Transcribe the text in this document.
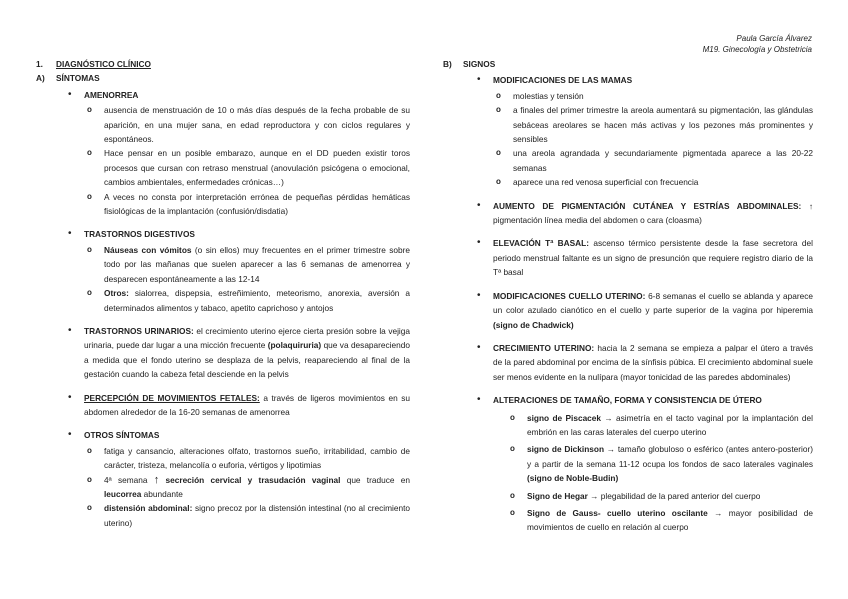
Paula García Álvarez
M19. Ginecología y Obstetricia
1. DIAGNÓSTICO CLÍNICO
A) SÍNTOMAS
• AMENORREA
o ausencia de menstruación de 10 o más días después de la fecha probable de su aparición, en una mujer sana, en edad reproductora y con ciclos regulares y espontáneos.
o Hace pensar en un posible embarazo, aunque en el DD pueden existir toros procesos que cursan con retraso menstrual (anovulación psicógena o emocional, cambios ambientales, enfermedades crónicas…)
o A veces no consta por interpretación errónea de pequeñas pérdidas hemáticas fisiológicas de la implantación (confusión/disdatia)
• TRASTORNOS DIGESTIVOS
o Náuseas con vómitos (o sin ellos) muy frecuentes en el primer trimestre sobre todo por las mañanas que suelen aparecer a las 6 semanas de amenorrea y desparecen espontáneamente a las 12-14
o Otros: sialorrea, dispepsia, estreñimiento, meteorismo, anorexia, aversión a determinados alimentos y tabaco, apetito caprichoso y antojos
• TRASTORNOS URINARIOS: el crecimiento uterino ejerce cierta presión sobre la vejiga urinaria, puede dar lugar a una micción frecuente (polaquiruria) que va desapareciendo a medida que el fondo uterino se desplaza de la pelvis, reapareciendo al final de la gestación cuando la cabeza fetal desciende en la pelvis
• PERCEPCIÓN DE MOVIMIENTOS FETALES: a través de ligeros movimientos en su abdomen alrededor de la 16-20 semanas de amenorrea
• OTROS SÍNTOMAS
o fatiga y cansancio, alteraciones olfato, trastornos sueño, irritabilidad, cambio de carácter, tristeza, melancolía o euforia, vértigos y lipotimias
o 4ª semana ↑ secreción cervical y trasudación vaginal que traduce en leucorrea abundante
o distensión abdominal: signo precoz por la distensión intestinal (no al crecimiento uterino)
B) SIGNOS
• MODIFICACIONES DE LAS MAMAS
o molestias y tensión
o a finales del primer trimestre la areola aumentará su pigmentación, las glándulas sebáceas areolares se hacen más activas y los pezones más prominentes y sensibles
o una areola agrandada y secundariamente pigmentada aparece a las 20-22 semanas
o aparece una red venosa superficial con frecuencia
• AUMENTO DE PIGMENTACIÓN CUTÁNEA Y ESTRÍAS ABDOMINALES: ↑ pigmentación línea media del abdomen o cara (cloasma)
• ELEVACIÓN Tª BASAL: ascenso térmico persistente desde la fase secretora del periodo menstrual faltante es un signo de presunción que requiere registro diario de la Tª basal
• MODIFICACIONES CUELLO UTERINO: 6-8 semanas el cuello se ablanda y aparece un color azulado cianótico en el cuello y parte superior de la vagina por hiperemia (signo de Chadwick)
• CRECIMIENTO UTERINO: hacia la 2 semana se empieza a palpar el útero a través de la pared abdominal por encima de la sínfisis púbica. El crecimiento abdominal suele ser menos evidente en la nulípara (mayor tonicidad de las paredes abdominales)
• ALTERACIONES DE TAMAÑO, FORMA Y CONSISTENCIA DE ÚTERO
o signo de Piscacek → asimetría en el tacto vaginal por la implantación del embrión en las caras laterales del cuerpo uterino
o signo de Dickinson → tamaño globuloso o esférico (antes antero-posterior) y a partir de la semana 11-12 ocupa los fondos de saco laterales vaginales (signo de Noble-Budin)
o Signo de Hegar → plegabilidad de la pared anterior del cuerpo
o Signo de Gauss- cuello uterino oscilante → mayor posibilidad de movimientos de cuello en relación al cuerpo
